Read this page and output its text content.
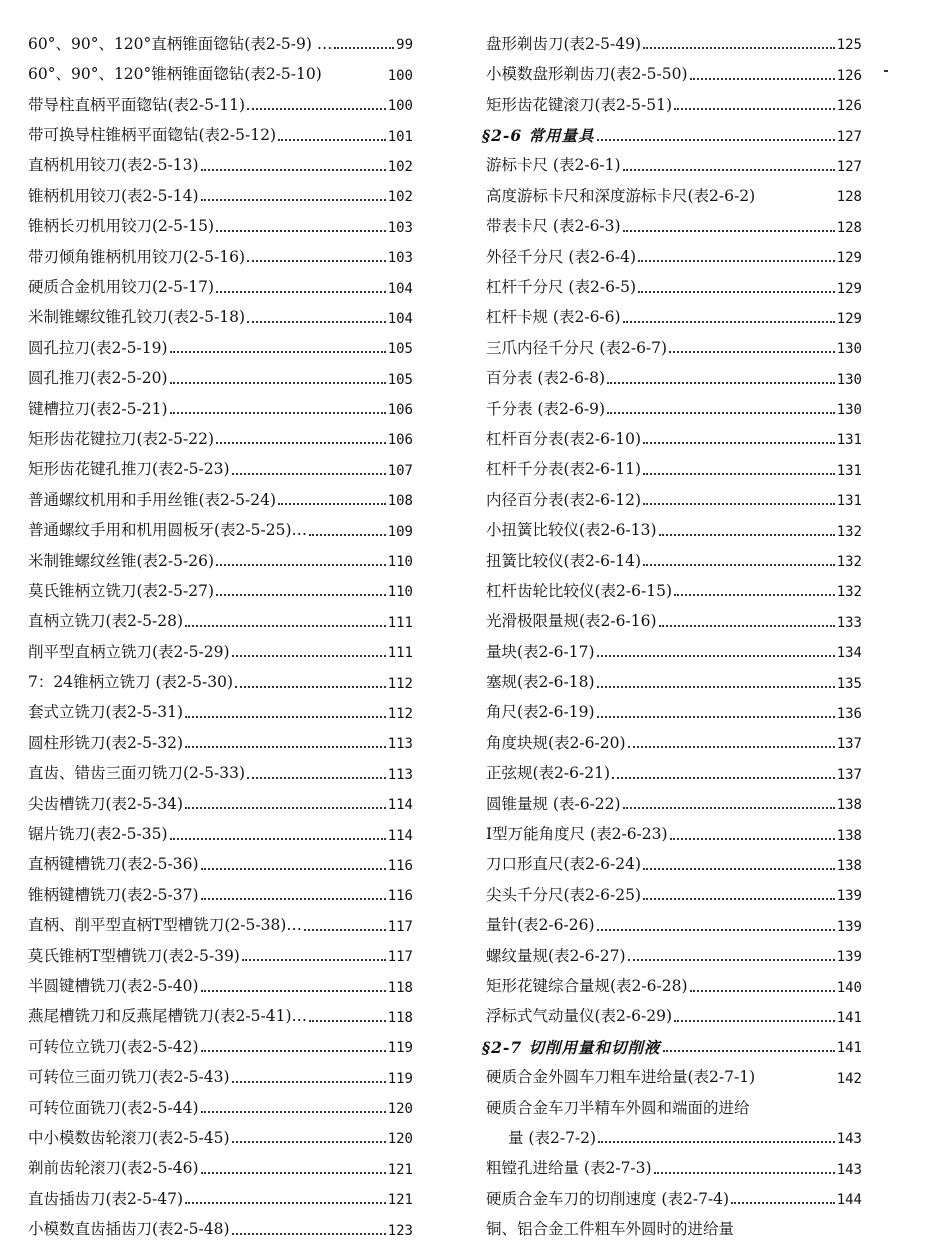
60°、90°、120°直柄锥面锪钻(表2-5-9) …	99
60°、90°、120°锥柄锥面锪钻(表2-5-10)	100
带导柱直柄平面锪钻(表2-5-11)	100
带可换导柱锥柄平面锪钻(表2-5-12)	101
直柄机用铰刀(表2-5-13)	102
锥柄机用铰刀(表2-5-14)	102
锥柄长刃机用铰刀(2-5-15)	103
带刃倾角锥柄机用铰刀(2-5-16)	103
硬质合金机用铰刀(2-5-17)	104
米制锥螺纹锥孔铰刀(表2-5-18)	104
圆孔拉刀(表2-5-19)	105
圆孔推刀(表2-5-20)	105
键槽拉刀(表2-5-21)	106
矩形齿花键拉刀(表2-5-22)	106
矩形齿花键孔推刀(表2-5-23)	107
普通螺纹机用和手用丝锥(表2-5-24)	108
普通螺纹手用和机用圆板牙(表2-5-25)…	109
米制锥螺纹丝锥(表2-5-26)	110
莫氏锥柄立铣刀(表2-5-27)	110
直柄立铣刀(表2-5-28)	111
削平型直柄立铣刀(表2-5-29)	111
7：24锥柄立铣刀 (表2-5-30)	112
套式立铣刀(表2-5-31)	112
圆柱形铣刀(表2-5-32)	113
直齿、错齿三面刃铣刀(2-5-33)	113
尖齿槽铣刀(表2-5-34)	114
锯片铣刀(表2-5-35)	114
直柄键槽铣刀(表2-5-36)	116
锥柄键槽铣刀(表2-5-37)	116
直柄、削平型直柄T型槽铣刀(2-5-38)…	117
莫氏锥柄T型槽铣刀(表2-5-39)	117
半圆键槽铣刀(表2-5-40)	118
燕尾槽铣刀和反燕尾槽铣刀(表2-5-41)…	118
可转位立铣刀(表2-5-42)	119
可转位三面刃铣刀(表2-5-43)	119
可转位面铣刀(表2-5-44)	120
中小模数齿轮滚刀(表2-5-45)	120
剃前齿轮滚刀(表2-5-46)	121
直齿插齿刀(表2-5-47)	121
小模数直齿插齿刀(表2-5-48)	123
盘形剃齿刀(表2-5-49)	125
小模数盘形剃齿刀(表2-5-50)	126
矩形齿花键滚刀(表2-5-51)	126
§2-6 常用量具	127
游标卡尺 (表2-6-1)	127
高度游标卡尺和深度游标卡尺(表2-6-2)	128
带表卡尺 (表2-6-3)	128
外径千分尺 (表2-6-4)	129
杠杆千分尺 (表2-6-5)	129
杠杆卡规 (表2-6-6)	129
三爪内径千分尺 (表2-6-7)	130
百分表 (表2-6-8)	130
千分表 (表2-6-9)	130
杠杆百分表(表2-6-10)	131
杠杆千分表(表2-6-11)	131
内径百分表(表2-6-12)	131
小扭簧比较仪(表2-6-13)	132
扭簧比较仪(表2-6-14)	132
杠杆齿轮比较仪(表2-6-15)	132
光滑极限量规(表2-6-16)	133
量块(表2-6-17)	134
塞规(表2-6-18)	135
角尺(表2-6-19)	136
角度块规(表2-6-20)	137
正弦规(表2-6-21)	137
圆锥量规 (表-6-22)	138
I型万能角度尺 (表2-6-23)	138
刀口形直尺(表2-6-24)	138
尖头千分尺(表2-6-25)	139
量针(表2-6-26)	139
螺纹量规(表2-6-27)	139
矩形花键综合量规(表2-6-28)	140
浮标式气动量仪(表2-6-29)	141
§2-7 切削用量和切削液	141
硬质合金外圆车刀粗车进给量(表2-7-1)	142
硬质合金车刀半精车外圆和端面的进给
量 (表2-7-2)	143
粗镗孔进给量 (表2-7-3)	143
硬质合金车刀的切削速度 (表2-7-4)	144
铜、铝合金工件粗车外圆时的进给量
